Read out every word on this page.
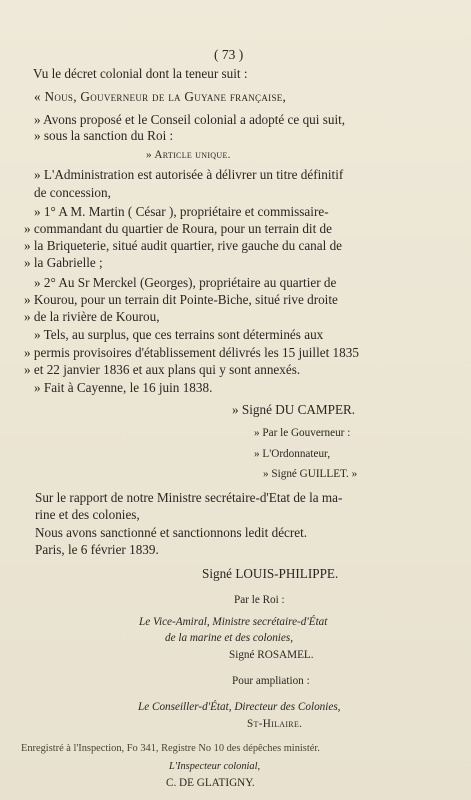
( 73 )
Vu le décret colonial dont la teneur suit :
« Nous, Gouverneur de la Guyane française,
» Avons proposé et le Conseil colonial a adopté ce qui suit,
» sous la sanction du Roi :
» Article unique.
» L'Administration est autorisée à délivrer un titre définitif
de concession,
» 1° A M. Martin ( César ), propriétaire et commissaire-
» commandant du quartier de Roura, pour un terrain dit de
» la Briqueterie, situé audit quartier, rive gauche du canal de
» la Gabrielle ;
» 2° Au Sr Merckel (Georges), propriétaire au quartier de
» Kourou, pour un terrain dit Pointe-Biche, situé rive droite
» de la rivière de Kourou,
» Tels, au surplus, que ces terrains sont déterminés aux
» permis provisoires d'établissement délivrés les 15 juillet 1835
» et 22 janvier 1836 et aux plans qui y sont annexés.
» Fait à Cayenne, le 16 juin 1838.
» Signé DU CAMPER.
» Par le Gouverneur :
» L'Ordonnateur,
» Signé GUILLET. »
Sur le rapport de notre Ministre secrétaire-d'Etat de la ma-
rine et des colonies,
Nous avons sanctionné et sanctionnons ledit décret.
Paris, le 6 février 1839.
Signé LOUIS-PHILIPPE.
Par le Roi :
Le Vice-Amiral, Ministre secrétaire-d'État
de la marine et des colonies,
Signé ROSAMEL.
Pour ampliation :
Le Conseiller-d'État, Directeur des Colonies,
St-Hilaire.
Enregistré à l'Inspection, Fo 341, Registre No 10 des dépêches ministér.
L'Inspecteur colonial,
C. DE GLATIGNY.
